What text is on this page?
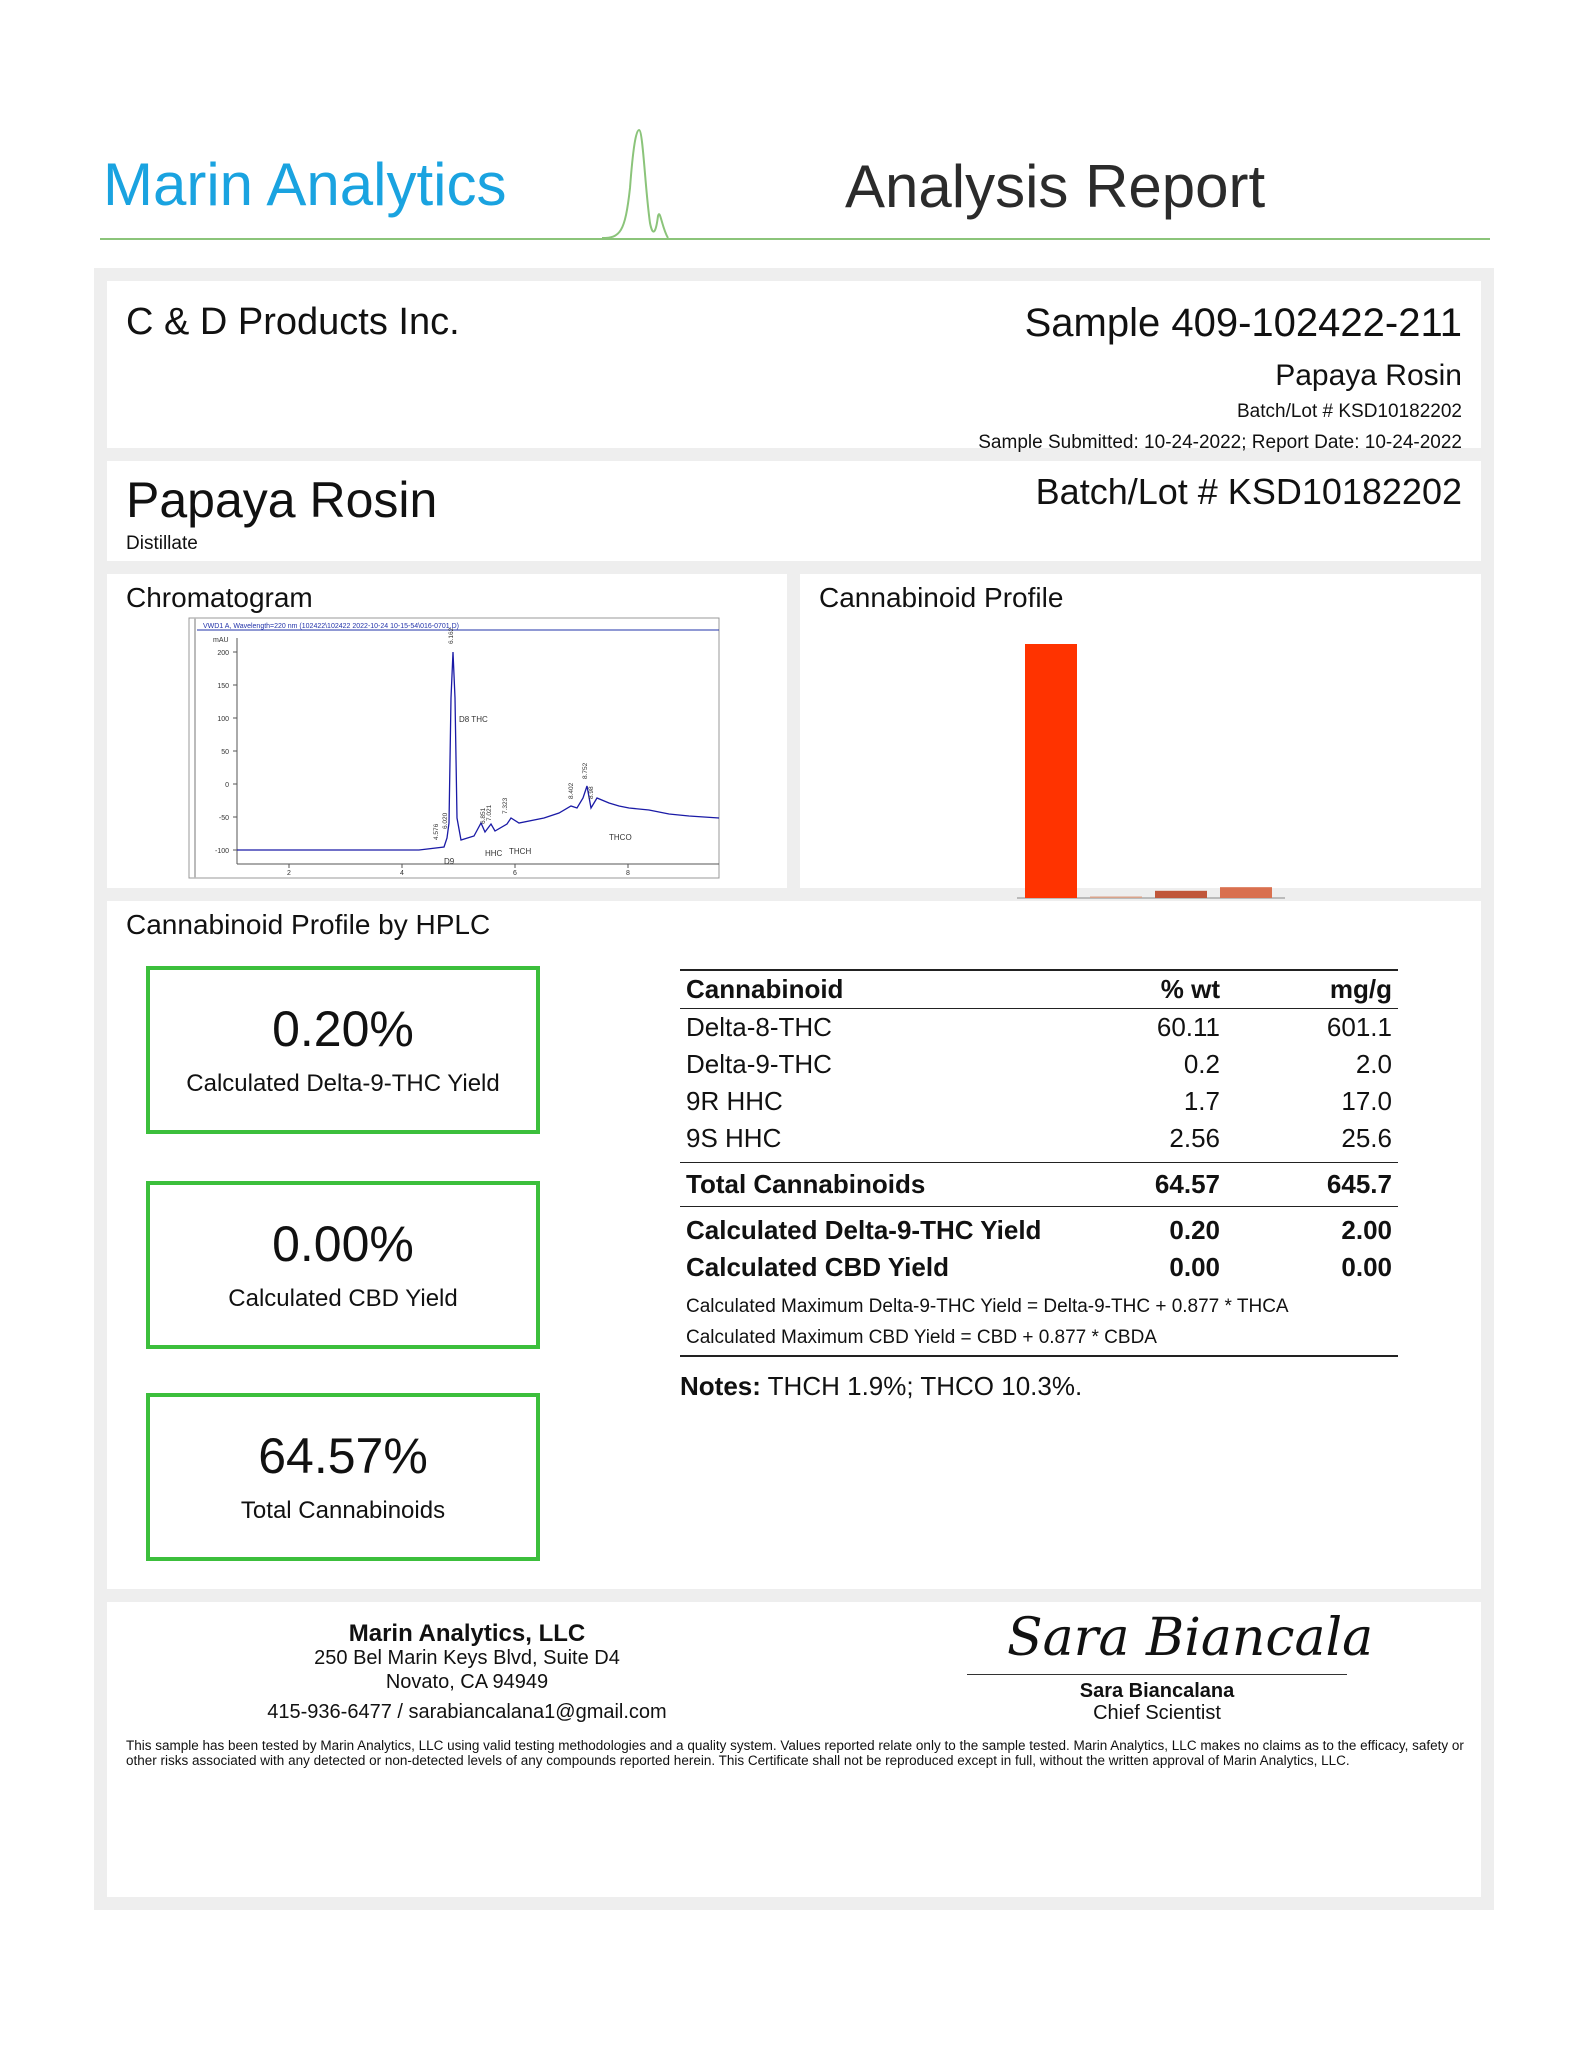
Marin Analytics	Analysis Report
C & D Products Inc.	Sample 409-102422-211
Papaya Rosin
Batch/Lot # KSD10182202
Sample Submitted: 10-24-2022; Report Date: 10-24-2022
Papaya Rosin
Distillate
Batch/Lot # KSD10182202
Chromatogram
VWD1 A, Wavelength=220 nm (102422\102422 2022-10-24 10-15-54\016-0701.D)
mAU
200
150
100
50
0
-50
-100
2	4	6	8
4.576
6.020
D9
6.162
D8 THC
6.851 7.021
HHC
7.323
THCH
8.402
8.752
8.98
THCO
Cannabinoid Profile
Cannabinoid Profile by HPLC
0.20%
Calculated Delta-9-THC Yield
0.00%
Calculated CBD Yield
64.57%
Total Cannabinoids
Cannabinoid	% wt	mg/g
Delta-8-THC	60.11	601.1
Delta-9-THC	0.2	2.0
9R HHC	1.7	17.0
9S HHC	2.56	25.6
Total Cannabinoids	64.57	645.7
Calculated Delta-9-THC Yield	0.20	2.00
Calculated CBD Yield	0.00	0.00
Calculated Maximum Delta-9-THC Yield = Delta-9-THC + 0.877 * THCA		
Calculated Maximum CBD Yield = CBD + 0.877 * CBDA		
Notes: THCH 1.9%; THCO 10.3%.
Marin Analytics, LLC
250 Bel Marin Keys Blvd, Suite D4
Novato, CA 94949
415-936-6477 / sarabiancalana1@gmail.com
Sara Biancala
Sara Biancalana
Chief Scientist
This sample has been tested by Marin Analytics, LLC using valid testing methodologies and a quality system. Values reported relate only to the sample tested. Marin Analytics, LLC makes no claims as to the efficacy, safety or other risks associated with any detected or non-detected levels of any compounds reported herein. This Certificate shall not be reproduced except in full, without the written approval of Marin Analytics, LLC.
